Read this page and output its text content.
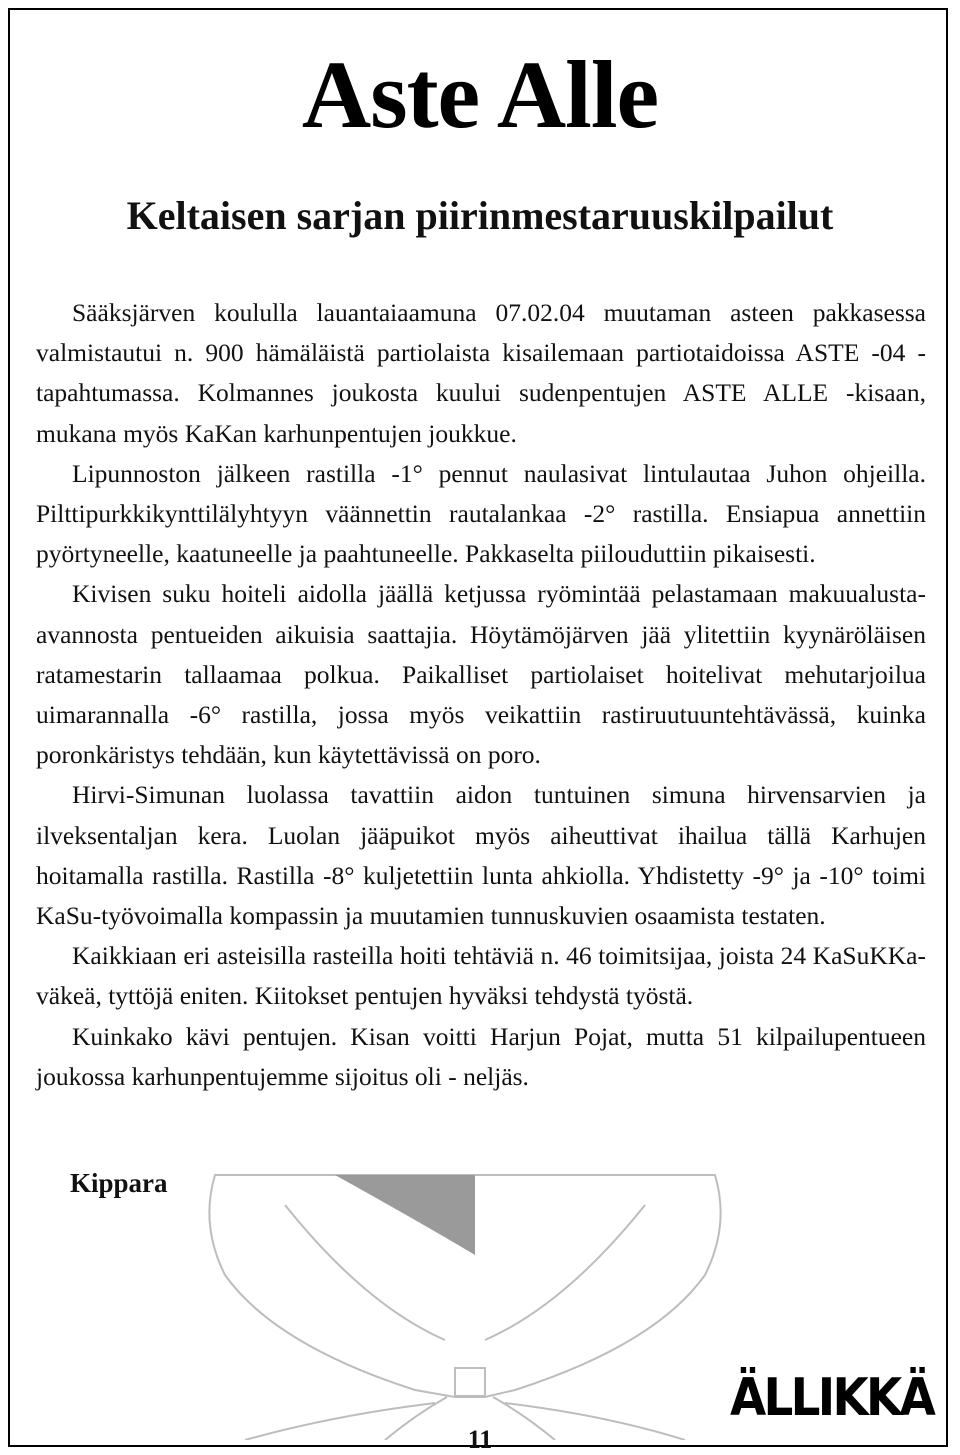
Aste Alle
Keltaisen sarjan piirinmestaruuskilpailut

Sääksjärven koululla lauantaiaamuna 07.02.04 muutaman asteen pakkasessa valmistautui n. 900 hämäläistä partiolaista kisailemaan partiotaidoissa ASTE -04 -tapahtumassa. Kolmannes joukosta kuului sudenpentujen ASTE ALLE -kisaan, mukana myös KaKan karhunpentujen joukkue.

Lipunnoston jälkeen rastilla -1° pennut naulasivat lintulautaa Juhon ohjeilla. Pilttipurkkikynttilälyhtyyn väännettin rautalankaa -2° rastilla. Ensiapua annettiin pyörtyneelle, kaatuneelle ja paahtuneelle. Pakkaselta piilouduttiin pikaisesti.

Kivisen suku hoiteli aidolla jäällä ketjussa ryömintää pelastamaan makuualusta-avannosta pentueiden aikuisia saattajia. Höytämöjärven jää ylitettiin kyynäröläisen ratamestarin tallaamaa polkua. Paikalliset partiolaiset hoitelivat mehutarjoilua uimarannalla -6° rastilla, jossa myös veikattiin rastiruutuuntehtävässä, kuinka poronkäristys tehdään, kun käytettävissä on poro.

Hirvi-Simunan luolassa tavattiin aidon tuntuinen simuna hirvensarvien ja ilveksentaljan kera. Luolan jääpuikot myös aiheuttivat ihailua tällä Karhujen hoitamalla rastilla. Rastilla -8° kuljetettiin lunta ahkiolla. Yhdistetty -9° ja -10° toimi KaSu-työvoimalla kompassin ja muutamien tunnuskuvien osaamista testaten.

Kaikkiaan eri asteisilla rasteilla hoiti tehtäviä n. 46 toimitsijaa, joista 24 KaSuKKa-väkeä, tyttöjä eniten. Kiitokset pentujen hyväksi tehdystä työstä.

Kuinkako kävi pentujen. Kisan voitti Harjun Pojat, mutta 51 kilpailupentueen joukossa karhunpentujemme sijoitus oli - neljäs.

Kippara
ÄLLIKKÄ
11
